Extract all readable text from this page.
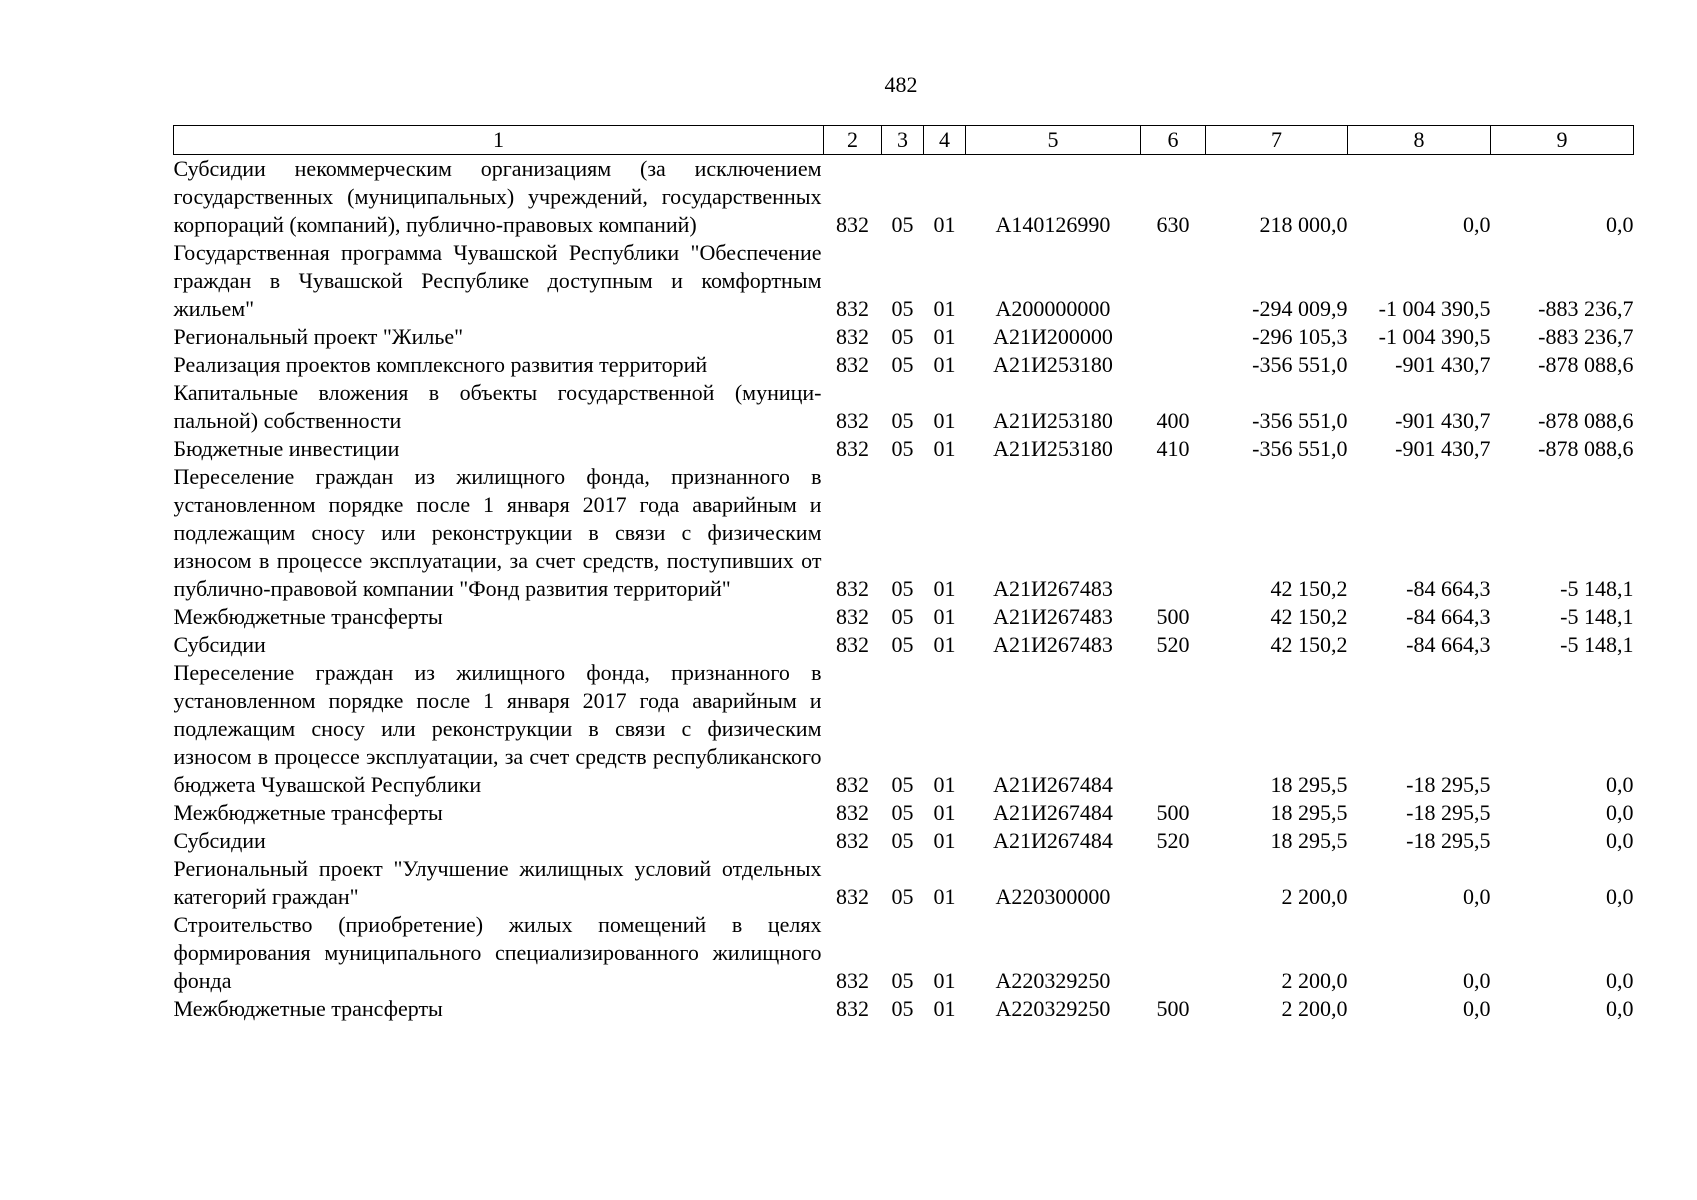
482
1	2	3	4	5	6	7	8	9
Субсидии некоммерческим организациям (за исключением государственных (муниципальных) учреждений, государственных корпораций (компаний), публично-правовых компаний)	832	05	01	А140126990	630	218 000,0	0,0	0,0
Государственная программа Чувашской Республики "Обеспечение граждан в Чувашской Республике доступным и комфортным жильем"	832	05	01	А200000000		-294 009,9	-1 004 390,5	-883 236,7
Региональный проект "Жилье"	832	05	01	А21И200000		-296 105,3	-1 004 390,5	-883 236,7
Реализация проектов комплексного развития территорий	832	05	01	А21И253180		-356 551,0	-901 430,7	-878 088,6
Капитальные вложения в объекты государственной (муниципальной) собственности	832	05	01	А21И253180	400	-356 551,0	-901 430,7	-878 088,6
Бюджетные инвестиции	832	05	01	А21И253180	410	-356 551,0	-901 430,7	-878 088,6
Переселение граждан из жилищного фонда, признанного в установленном порядке после 1 января 2017 года аварийным и подлежащим сносу или реконструкции в связи с физическим износом в процессе эксплуатации, за счет средств, поступивших от публично-правовой компании "Фонд развития территорий"	832	05	01	А21И267483		42 150,2	-84 664,3	-5 148,1
Межбюджетные трансферты	832	05	01	А21И267483	500	42 150,2	-84 664,3	-5 148,1
Субсидии	832	05	01	А21И267483	520	42 150,2	-84 664,3	-5 148,1
Переселение граждан из жилищного фонда, признанного в установленном порядке после 1 января 2017 года аварийным и подлежащим сносу или реконструкции в связи с физическим износом в процессе эксплуатации, за счет средств республиканского бюджета Чувашской Республики	832	05	01	А21И267484		18 295,5	-18 295,5	0,0
Межбюджетные трансферты	832	05	01	А21И267484	500	18 295,5	-18 295,5	0,0
Субсидии	832	05	01	А21И267484	520	18 295,5	-18 295,5	0,0
Региональный проект "Улучшение жилищных условий отдельных категорий граждан"	832	05	01	А220300000		2 200,0	0,0	0,0
Строительство (приобретение) жилых помещений в целях формирования муниципального специализированного жилищного фонда	832	05	01	А220329250		2 200,0	0,0	0,0
Межбюджетные трансферты	832	05	01	А220329250	500	2 200,0	0,0	0,0
